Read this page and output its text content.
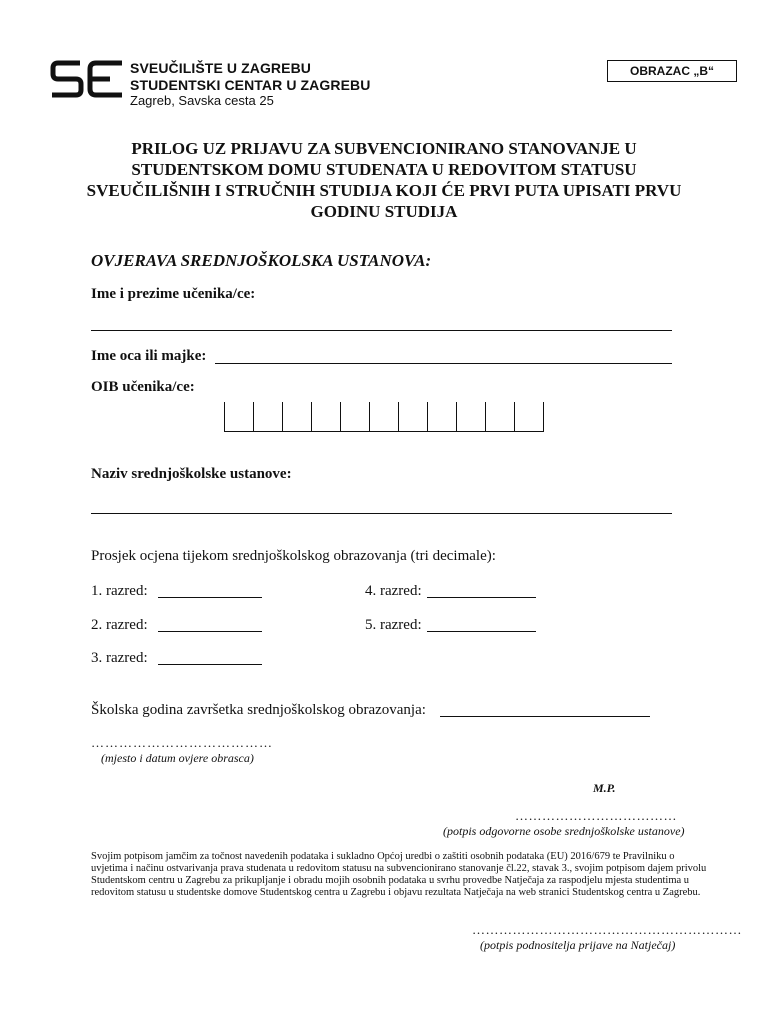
SVEUČILIŠTE U ZAGREBU
STUDENTSKI CENTAR U ZAGREBU
Zagreb, Savska cesta 25
OBRAZAC „B“
PRILOG UZ PRIJAVU ZA SUBVENCIONIRANO STANOVANJE U STUDENTSKOM DOMU STUDENATA U REDOVITOM STATUSU SVEUČILIŠNIH I STRUČNIH STUDIJA KOJI ĆE PRVI PUTA UPISATI PRVU GODINU STUDIJA
OVJERAVA SREDNJOŠKOLSKA USTANOVA:
Ime i prezime učenika/ce:
Ime oca ili majke:
OIB učenika/ce:
Naziv srednjoškolske ustanove:
Prosjek ocjena tijekom srednjoškolskog obrazovanja (tri decimale):
1. razred:	4. razred:
2. razred:	5. razred:
3. razred:
Školska godina završetka srednjoškolskog obrazovanja:
…………………………………
(mjesto i datum ovjere obrasca)
M.P.
………………………………
(potpis odgovorne osobe srednjoškolske ustanove)
Svojim potpisom jamčim za točnost navedenih podataka i sukladno Općoj uredbi o zaštiti osobnih podataka (EU) 2016/679 te Pravilniku o uvjetima i načinu ostvarivanja prava studenata u redovitom statusu na subvencionirano stanovanje čl.22, stavak 3., svojim potpisom dajem privolu Studentskom centru u Zagrebu za prikupljanje i obradu mojih osobnih podataka u svrhu provedbe Natječaja za raspodjelu mjesta studentima u redovitom statusu u studentske domove Studentskog centra u Zagrebu i objavu rezultata Natječaja na web stranici Studentskog centra u Zagrebu.
……………………………………………………
(potpis podnositelja prijave na Natječaj)
